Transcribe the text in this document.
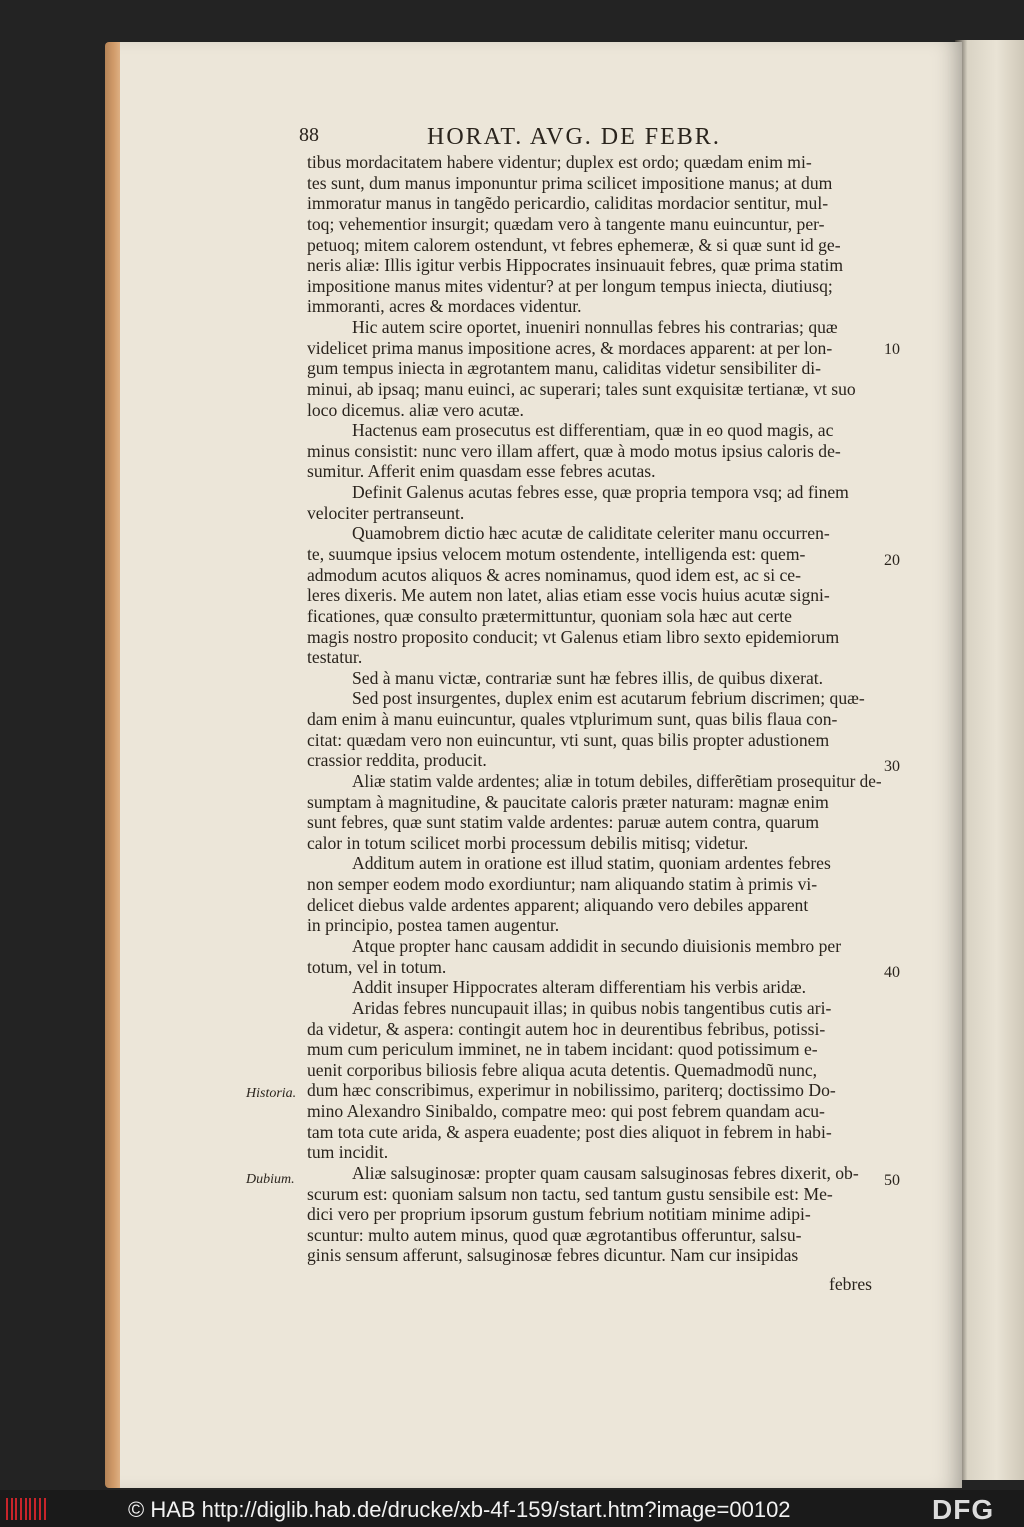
88	HORAT. AVG. DE FEBR.
tibus mordacitatem habere videntur; duplex est ordo; quædam enim mi-
tes sunt, dum manus imponuntur prima scilicet impositione manus; at dum
immoratur manus in tangẽdo pericardio, caliditas mordacior sentitur, mul-
toq; vehementior insurgit; quædam vero à tangente manu euincuntur, per-
petuoq; mitem calorem ostendunt, vt febres ephemeræ, & si quæ sunt id ge-
neris aliæ: Illis igitur verbis Hippocrates insinuauit febres, quæ prima statim
impositione manus mites videntur? at per longum tempus iniecta, diutiusq;
immoranti, acres & mordaces videntur.
Hic autem scire oportet, inueniri nonnullas febres his contrarias; quæ
videlicet prima manus impositione acres, & mordaces apparent: at per lon-
gum tempus iniecta in ægrotantem manu, caliditas videtur sensibiliter di-
minui, ab ipsaq; manu euinci, ac superari; tales sunt exquisitæ tertianæ, vt suo
loco dicemus. aliæ vero acutæ.
Hactenus eam prosecutus est differentiam, quæ in eo quod magis, ac
minus consistit: nunc vero illam affert, quæ à modo motus ipsius caloris de-
sumitur. Afferit enim quasdam esse febres acutas.
Definit Galenus acutas febres esse, quæ propria tempora vsq; ad finem
velociter pertranseunt.
Quamobrem dictio hæc acutæ de caliditate celeriter manu occurren-
te, suumque ipsius velocem motum ostendente, intelligenda est: quem-
admodum acutos aliquos & acres nominamus, quod idem est, ac si ce-
leres dixeris. Me autem non latet, alias etiam esse vocis huius acutæ signi-
ficationes, quæ consulto prætermittuntur, quoniam sola hæc aut certe
magis nostro proposito conducit; vt Galenus etiam libro sexto epidemiorum
testatur.
Sed à manu victæ, contrariæ sunt hæ febres illis, de quibus dixerat.
Sed post insurgentes, duplex enim est acutarum febrium discrimen; quæ-
dam enim à manu euincuntur, quales vtplurimum sunt, quas bilis flaua con-
citat: quædam vero non euincuntur, vti sunt, quas bilis propter adustionem
crassior reddita, producit.
Aliæ statim valde ardentes; aliæ in totum debiles, differẽtiam prosequitur de-
sumptam à magnitudine, & paucitate caloris præter naturam: magnæ enim
sunt febres, quæ sunt statim valde ardentes: paruæ autem contra, quarum
calor in totum scilicet morbi processum debilis mitisq; videtur.
Additum autem in oratione est illud statim, quoniam ardentes febres
non semper eodem modo exordiuntur; nam aliquando statim à primis vi-
delicet diebus valde ardentes apparent; aliquando vero debiles apparent
in principio, postea tamen augentur.
Atque propter hanc causam addidit in secundo diuisionis membro per
totum, vel in totum.
Addit insuper Hippocrates alteram differentiam his verbis aridæ.
Aridas febres nuncupauit illas; in quibus nobis tangentibus cutis ari-
da videtur, & aspera: contingit autem hoc in deurentibus febribus, potissi-
mum cum periculum imminet, ne in tabem incidant: quod potissimum e-
uenit corporibus biliosis febre aliqua acuta detentis. Quemadmodũ nunc,
dum hæc conscribimus, experimur in nobilissimo, pariterq; doctissimo Do-
mino Alexandro Sinibaldo, compatre meo: qui post febrem quandam acu-
tam tota cute arida, & aspera euadente; post dies aliquot in febrem in habi-
tum incidit.
Aliæ salsuginosæ: propter quam causam salsuginosas febres dixerit, ob-
scurum est: quoniam salsum non tactu, sed tantum gustu sensibile est: Me-
dici vero per proprium ipsorum gustum febrium notitiam minime adipi-
scuntur: multo autem minus, quod quæ ægrotantibus offeruntur, salsu-
ginis sensum afferunt, salsuginosæ febres dicuntur. Nam cur insipidas
Historia.
Dubium.
10
20
30
40
50
febres
© HAB http://diglib.hab.de/drucke/xb-4f-159/start.htm?image=00102	DFG
